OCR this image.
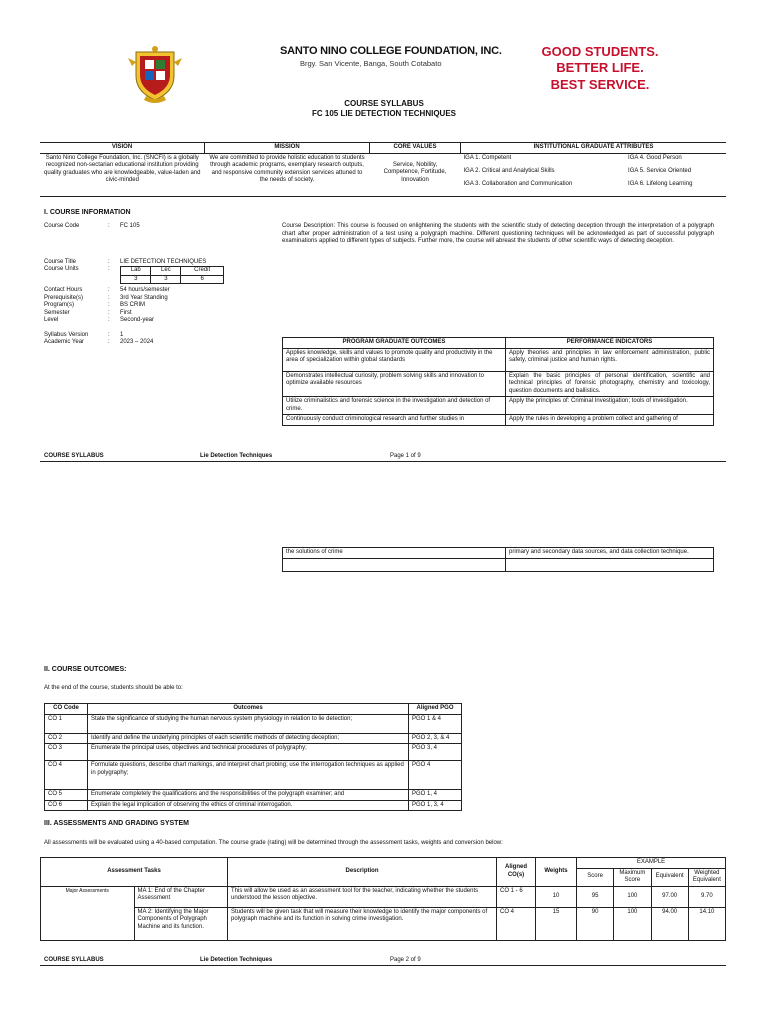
SANTO NINO COLLEGE FOUNDATION, INC.
Brgy. San Vicente, Banga, South Cotabato
GOOD STUDENTS.
BETTER LIFE.
BEST SERVICE.
COURSE SYLLABUS
FC 105 LIE DETECTION TECHNIQUES
VISION	MISSION	CORE VALUES	INSTITUTIONAL GRADUATE ATTRIBUTES	
Santo Nino College Foundation, Inc. (SNCFI) is a globally recognized non-sectarian educational institution providing quality graduates who are knowledgeable, value-laden and civic-minded	We are committed to provide holistic education to students through academic programs, exemplary research outputs, and responsive community extension services attuned to the needs of society.	Service, Nobility, Competence, Fortitude, Innovation	IGA 1. Competent	IGA 4. Good Person
			IGA 2. Critical and Analytical Skills	IGA 5. Service Oriented
			IGA 3. Collaboration and Communication	IGA 6. Lifelong Learning
I. COURSE INFORMATION
Course Code	:	FC 105
Course Title	:	LIE DETECTION TECHNIQUES
Course Units	:	Lab	Lec	Credit
3	3	6
Contact Hours	:	54 hours/semester
Prerequisite(s)	:	3rd Year Standing
Program(s)	:	BS CRIM
Semester	:	First
Level	:	Second-year
Syllabus Version	:	1
Academic Year	:	2023 – 2024
Course Description: This course is focused on enlightening the students with the scientific study of detecting deception through the interpretation of a polygraph chart after proper administration of a test using a polygraph machine. Different questioning techniques will be acknowledged as part of successful polygraph examinations applied to different types of subjects. Further more, the course will abreast the students of other scientific ways of detecting deception.
PROGRAM GRADUATE OUTCOMES	PERFORMANCE INDICATORS
Applies knowledge, skills and values to promote quality and productivity in the area of specialization within global standards	Apply theories and principles in law enforcement administration, public safety, criminal justice and human rights.
Demonstrates intellectual curiosity, problem solving skills and innovation to optimize available resources	Explain the basic principles of personal identification, scientific and technical principles of forensic photography, chemistry and toxicology, question documents and ballistics.
Utilize criminalistics and forensic science in the investigation and detection of crime.	Apply the principles of: Criminal Investigation; tools of investigation.
Continuously conduct criminological research and further studies in	Apply the rules in developing a problem collect and gathering of
COURSE SYLLABUS	Lie Detection Techniques	Page 1 of 9
the solutions of crime	primary and secondary data sources, and data collection technique.

II. COURSE OUTCOMES:
At the end of the course, students should be able to:
CO Code	Outcomes	Aligned PGO
CO 1	State the significance of studying the human nervous system physiology in relation to lie detection;	PGO 1 & 4
CO 2	Identify and define the underlying principles of each scientific methods of detecting deception;	PGO 2, 3, & 4
CO 3	Enumerate the principal uses, objectives and technical procedures of polygraphy;	PGO 3, 4
CO 4	Formulate questions, describe chart markings, and interpret chart probing; use the interrogation techniques as applied in polygraphy;	PGO 4
CO 5	Enumerate completely the qualifications and the responsibilities of the polygraph examiner; and	PGO 1, 4
CO 6	Explain the legal implication of observing the ethics of criminal interrogation.	PGO 1, 3, 4
III. ASSESSMENTS AND GRADING SYSTEM
All assessments will be evaluated using a 40-based computation. The course grade (rating) will be determined through the assessment tasks, weights and conversion below:
Assessment Tasks		Description	Aligned CO(s)	Weights	EXAMPLE			
					Score	Maximum Score	Equivalent	Weighted Equivalent
Major Assessments	MA 1: End of the Chapter Assessment	This will allow be used as an assessment tool for the teacher, indicating whether the students understood the lesson objective.	CO 1 - 6	10	95	100	97.00	9.70
	MA 2: Identifying the Major Components of Polygraph Machine and its function.	Students will be given task that will measure their knowledge to identify the major components of polygraph machine and its function in solving crime investigation.	CO 4	15	90	100	94.00	14.10
COURSE SYLLABUS	Lie Detection Techniques	Page 2 of 9
